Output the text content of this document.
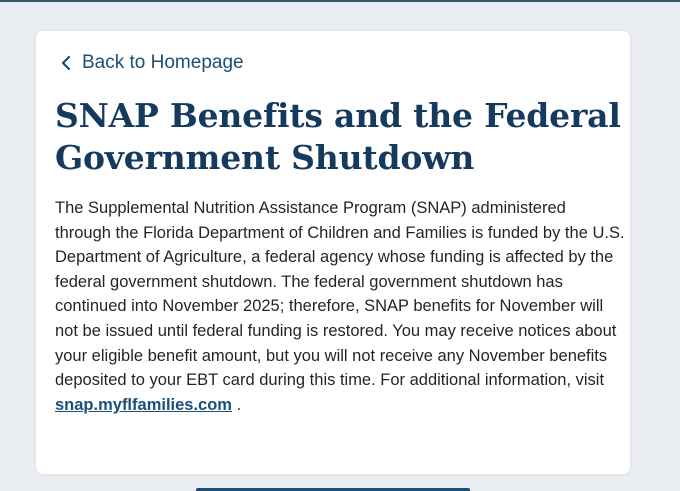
Back to Homepage
SNAP Benefits and the Federal Government Shutdown

The Supplemental Nutrition Assistance Program (SNAP) administered through the Florida Department of Children and Families is funded by the U.S. Department of Agriculture, a federal agency whose funding is affected by the federal government shutdown. The federal government shutdown has continued into November 2025; therefore, SNAP benefits for November will not be issued until federal funding is restored. You may receive notices about your eligible benefit amount, but you will not receive any November benefits deposited to your EBT card during this time. For additional information, visit snap.myflfamilies.com .
